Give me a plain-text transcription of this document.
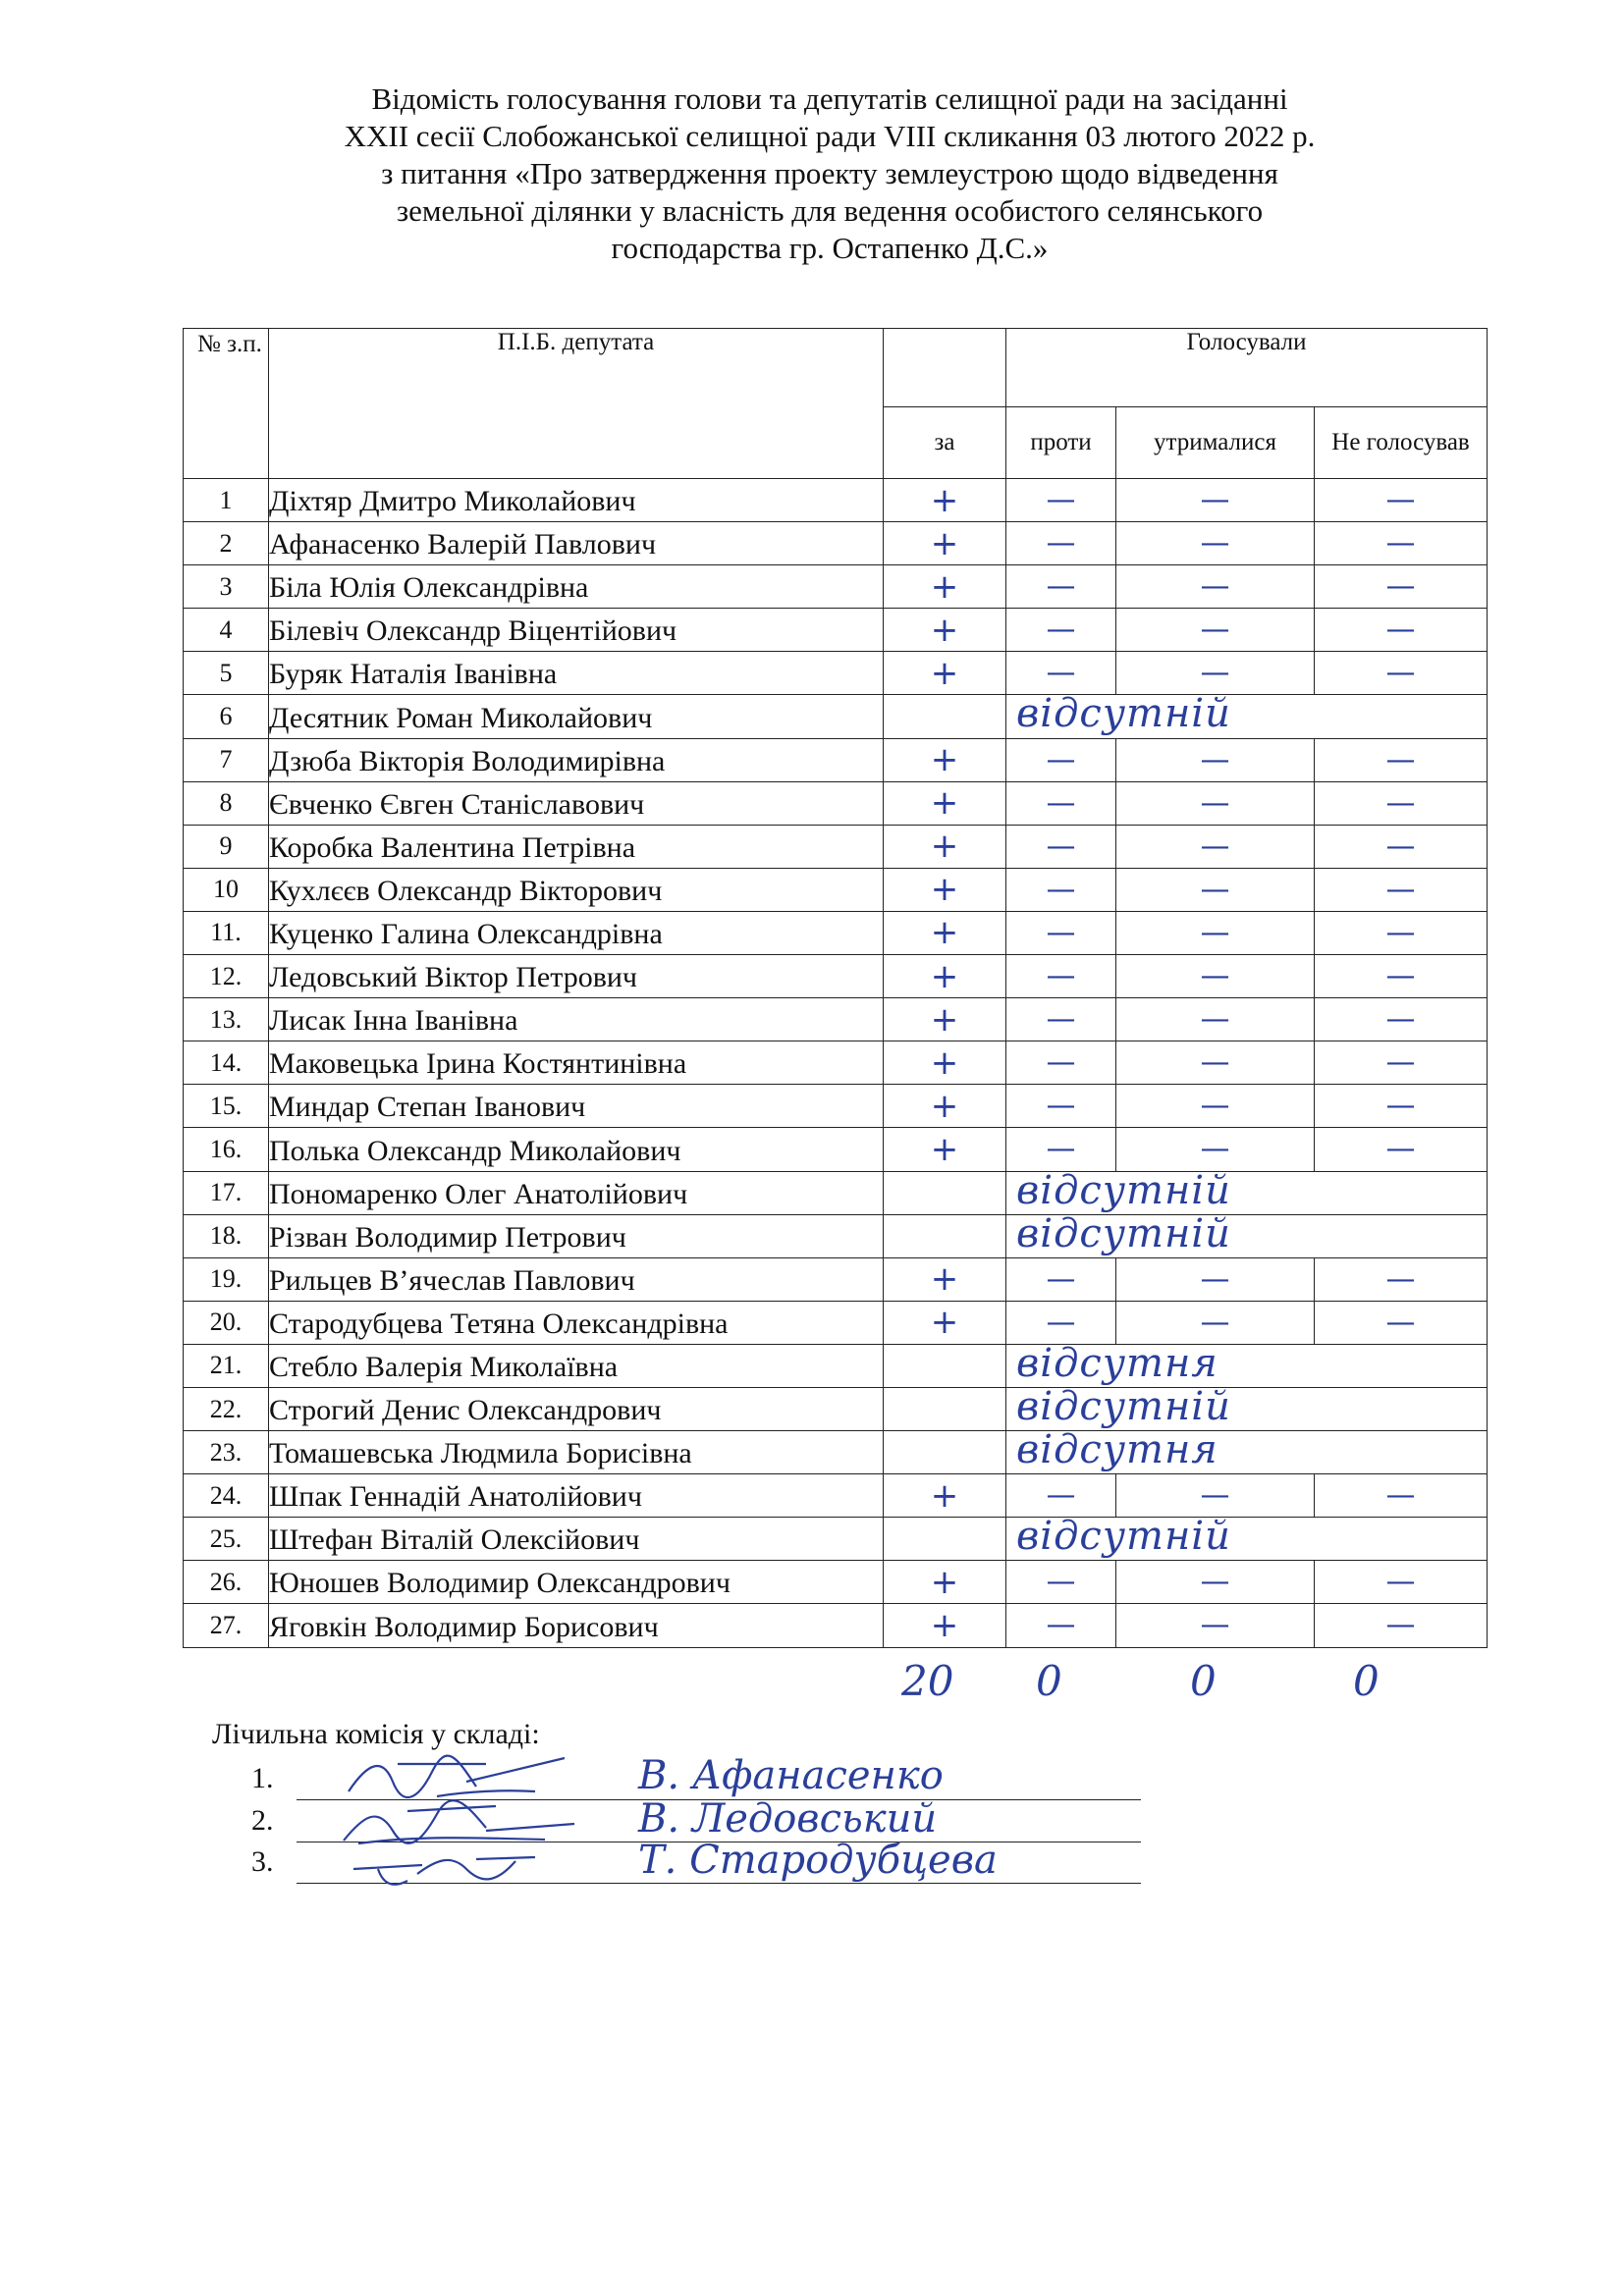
Відомість голосування голови та депутатів селищної ради на засіданні
XXII сесії Слобожанської селищної ради VIII скликання 03 лютого 2022 р.
з питання «Про затвердження проекту землеустрою щодо відведення
земельної ділянки у власність для ведення особистого селянського
господарства гр. Остапенко Д.С.»
№ з.п.	П.І.Б. депутата		Голосували		
		за	проти	утрималися	Не голосував
1	Діхтяр Дмитро Миколайович	+	—	—	—
2	Афанасенко Валерій Павлович	+	—	—	—
3	Біла Юлія Олександрівна	+	—	—	—
4	Білевіч Олександр Віцентійович	+	—	—	—
5	Буряк Наталія Іванівна	+	—	—	—
6	Десятник Роман Миколайович		відсутній		

7	Дзюба Вікторія Володимирівна	+	—	—	—
8	Євченко Євген Станіславович	+	—	—	—
9	Коробка Валентина Петрівна	+	—	—	—
10	Кухлєєв Олександр Вікторович	+	—	—	—
11.	Куценко Галина Олександрівна	+	—	—	—
12.	Ледовський Віктор Петрович	+	—	—	—
13.	Лисак Інна Іванівна	+	—	—	—
14.	Маковецька Ірина Костянтинівна	+	—	—	—
15.	Миндар Степан Іванович	+	—	—	—
16.	Полька Олександр Миколайович	+	—	—	—
17.	Пономаренко Олег Анатолійович		відсутній		

18.	Різван Володимир Петрович		відсутній		

19.	Рильцев В’ячеслав Павлович	+	—	—	—
20.	Стародубцева Тетяна Олександрівна	+	—	—	—
21.	Стебло Валерія Миколаївна		відсутня		

22.	Строгий Денис Олександрович		відсутній		

23.	Томашевська Людмила Борисівна		відсутня		

24.	Шпак Геннадій Анатолійович	+	—	—	—
25.	Штефан Віталій Олексійович		відсутній		

26.	Юношев Володимир Олександрович	+	—	—	—
27.	Яговкін Володимир Борисович	+	—	—	—
20 0	0	0
Лічильна комісія у складі:
1.	В. Афанасенко
2.	В. Ледовський
3.	Т. Стародубцева
